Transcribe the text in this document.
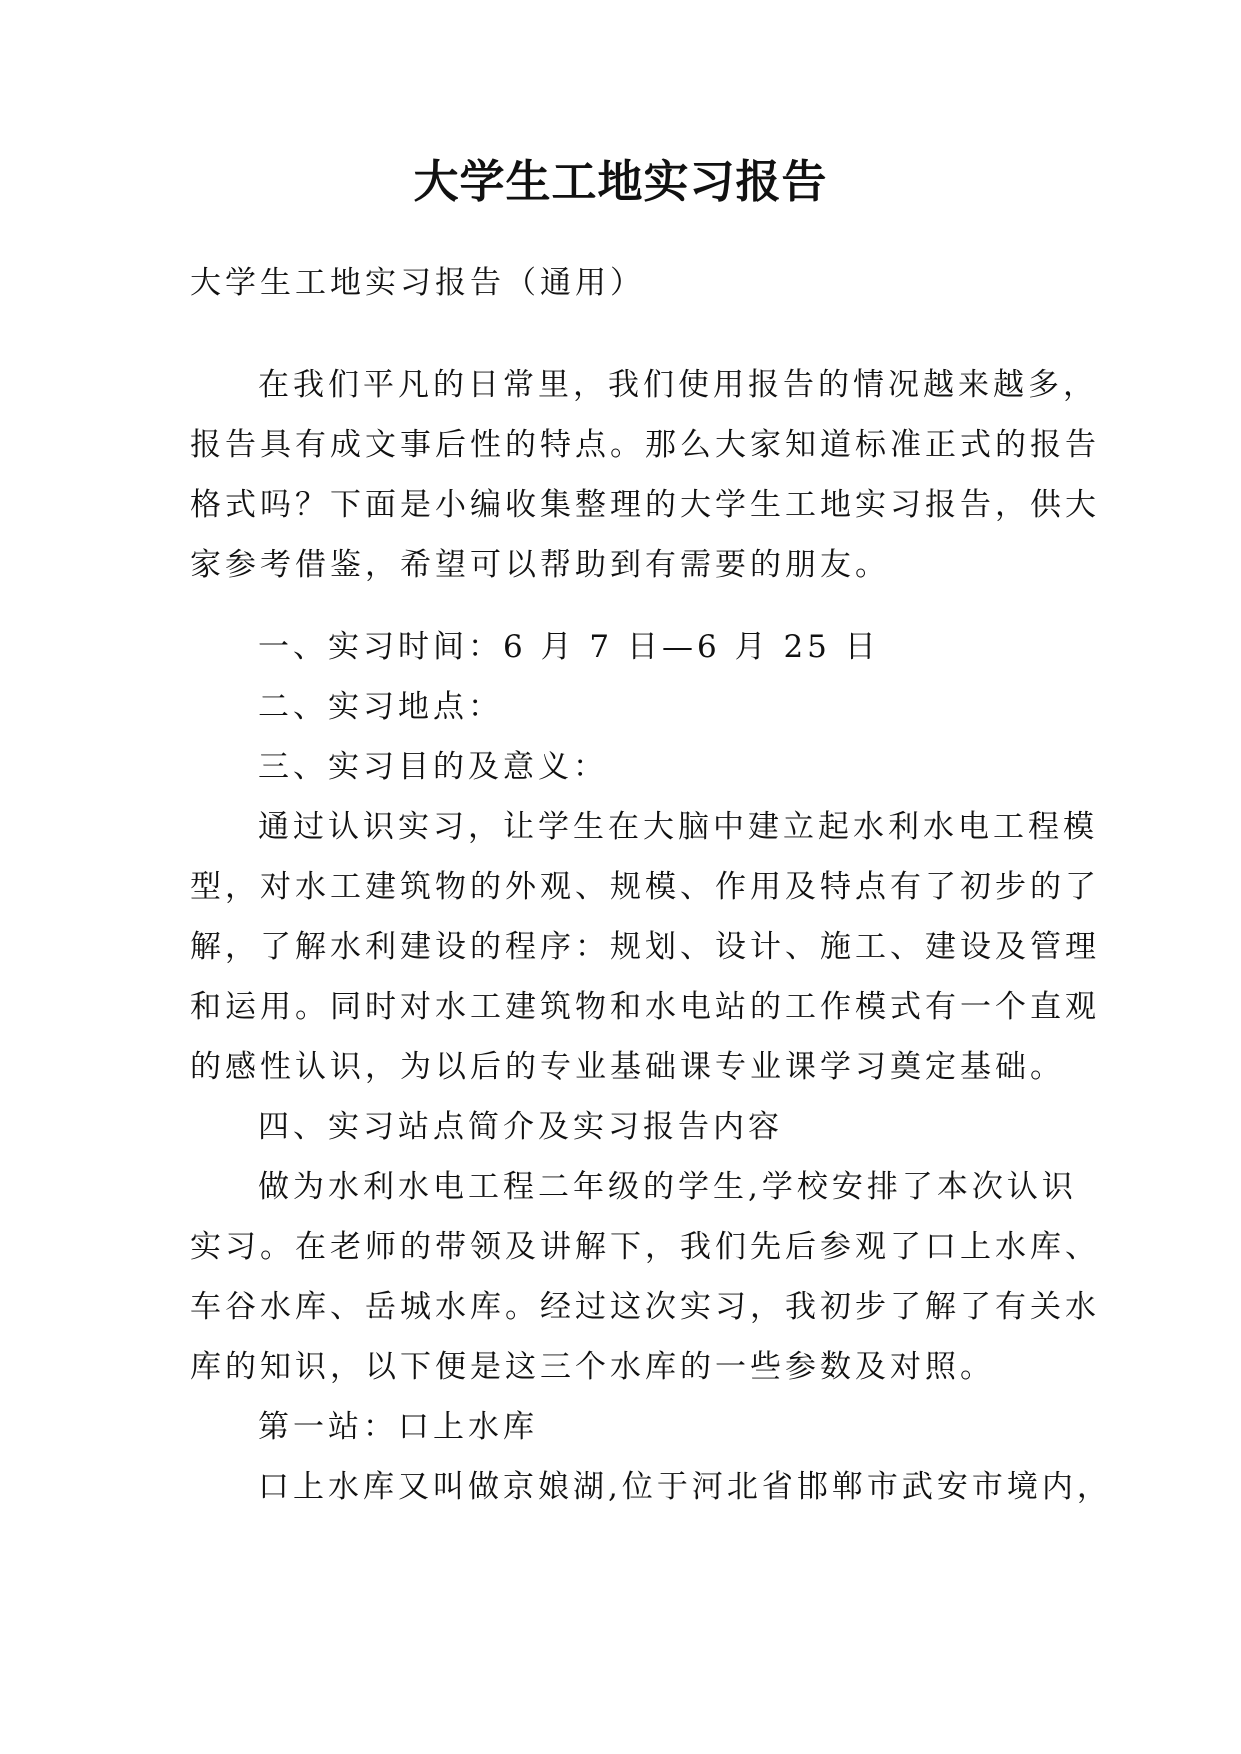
大学生工地实习报告
大学生工地实习报告（通用）
在我们平凡的日常里，我们使用报告的情况越来越多，
报告具有成文事后性的特点。那么大家知道标准正式的报告
格式吗？下面是小编收集整理的大学生工地实习报告，供大
家参考借鉴，希望可以帮助到有需要的朋友。
一、实习时间：6 月 7 日—6 月 25 日
二、实习地点：
三、实习目的及意义：
通过认识实习，让学生在大脑中建立起水利水电工程模
型，对水工建筑物的外观、规模、作用及特点有了初步的了
解，了解水利建设的程序：规划、设计、施工、建设及管理
和运用。同时对水工建筑物和水电站的工作模式有一个直观
的感性认识，为以后的专业基础课专业课学习奠定基础。
四、实习站点简介及实习报告内容
做为水利水电工程二年级的学生,学校安排了本次认识
实习。在老师的带领及讲解下，我们先后参观了口上水库、
车谷水库、岳城水库。经过这次实习，我初步了解了有关水
库的知识，以下便是这三个水库的一些参数及对照。
第一站：口上水库
口上水库又叫做京娘湖,位于河北省邯郸市武安市境内，
